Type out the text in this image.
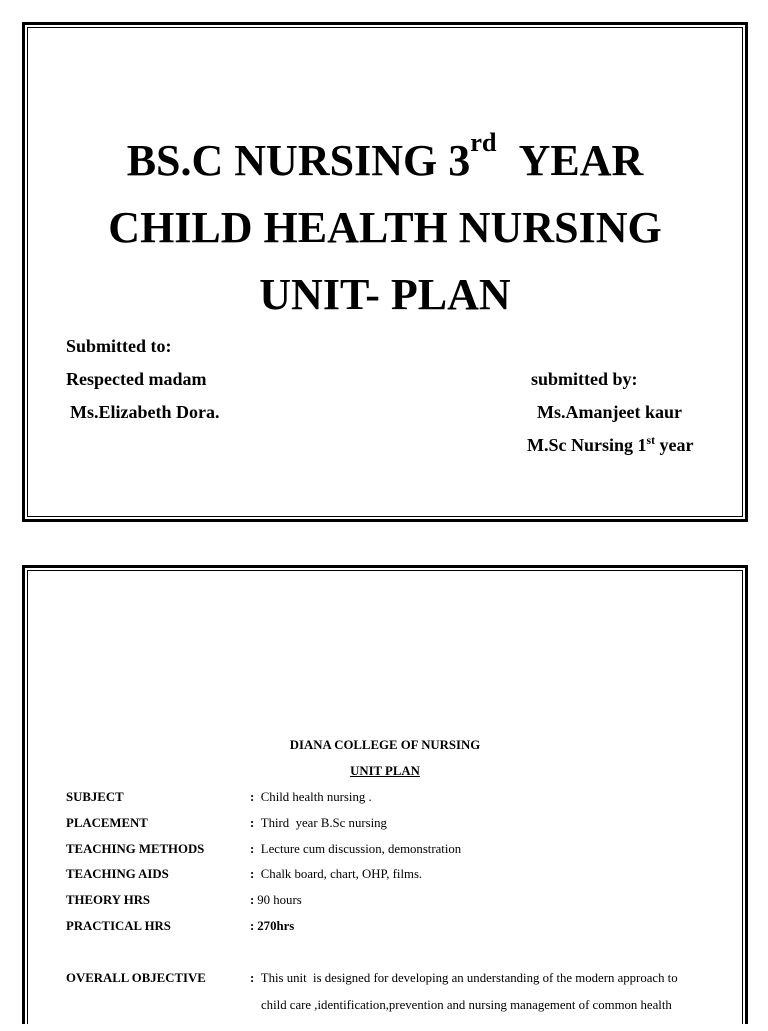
BS.C NURSING 3rd YEAR
CHILD HEALTH NURSING
UNIT- PLAN
Submitted to:
Respected madam
Ms.Elizabeth Dora.
submitted by:
Ms.Amanjeet kaur
M.Sc Nursing 1st year
DIANA COLLEGE OF NURSING
UNIT PLAN

SUBJECT

	: Child health nursing .

PLACEMENT

	: Third  year B.Sc nursing

TEACHING METHODS

	: Lecture cum discussion, demonstration

TEACHING AIDS

	: Chalk board, chart, OHP, films.

THEORY HRS

	: 90 hours

PRACTICAL HRS

	: 270hrs

OVERALL OBJECTIVE

	: This unit  is designed for developing an understanding of the modern approach to

child care ,identification,prevention and nursing management of common health
